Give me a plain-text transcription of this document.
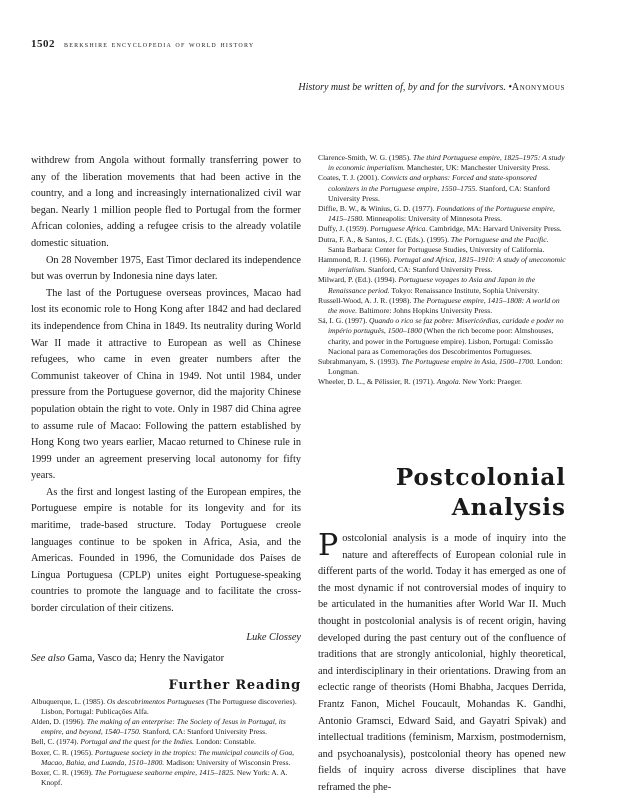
1502 berkshire encyclopedia of world history
History must be written of, by and for the survivors. •Anonymous

withdrew from Angola without formally transferring power to any of the liberation movements that had been active in the country, and a long and increasingly internationalized civil war began. Nearly 1 million people fled to Portugal from the former African colonies, adding a refugee crisis to the already volatile domestic situation.

On 28 November 1975, East Timor declared its independence but was overrun by Indonesia nine days later.

The last of the Portuguese overseas provinces, Macao had lost its economic role to Hong Kong after 1842 and had declared its independence from China in 1849. Its neutrality during World War II made it attractive to European as well as Chinese refugees, who came in even greater numbers after the Communist takeover of China in 1949. Not until 1984, under pressure from the Portuguese governor, did the majority Chinese population obtain the right to vote. Only in 1987 did China agree to assume rule of Macao: Following the pattern established by Hong Kong two years earlier, Macao returned to Chinese rule in 1999 under an agreement preserving local autonomy for fifty years.

As the first and longest lasting of the European empires, the Portuguese empire is notable for its longevity and for its maritime, trade-based structure. Today Portuguese creole languages continue to be spoken in Africa, Asia, and the Americas. Founded in 1996, the Comunidade dos Países de Língua Portuguesa (CPLP) unites eight Portuguese-speaking countries to promote the language and to facilitate the cross-border circulation of their citizens.

Luke Clossey

See also Gama, Vasco da; Henry the Navigator

Further Reading

Albuquerque, L. (1985). Os descobrimentos Portugueses (The Portuguese discoveries). Lisbon, Portugal: Publicações Alfa.

Alden, D. (1996). The making of an enterprise: The Society of Jesus in Portugal, its empire, and beyond, 1540–1750. Stanford, CA: Stanford University Press.

Bell, C. (1974). Portugal and the quest for the Indies. London: Constable.

Boxer, C. R. (1965). Portuguese society in the tropics: The municipal councils of Goa, Macao, Bahia, and Luanda, 1510–1800. Madison: University of Wisconsin Press.

Boxer, C. R. (1969). The Portuguese seaborne empire, 1415–1825. New York: A. A. Knopf.

Clarence-Smith, W. G. (1985). The third Portuguese empire, 1825–1975: A study in economic imperialism. Manchester, UK: Manchester University Press.

Coates, T. J. (2001). Convicts and orphans: Forced and state-sponsored colonizers in the Portuguese empire, 1550–1755. Stanford, CA: Stanford University Press.

Diffie, B. W., & Winius, G. D. (1977). Foundations of the Portuguese empire, 1415–1580. Minneapolis: University of Minnesota Press.

Duffy, J. (1959). Portuguese Africa. Cambridge, MA: Harvard University Press.

Dutra, F. A., & Santos, J. C. (Eds.). (1995). The Portuguese and the Pacific. Santa Barbara: Center for Portuguese Studies, University of California.

Hammond, R. J. (1966). Portugal and Africa, 1815–1910: A study of uneconomic imperialism. Stanford, CA: Stanford University Press.

Milward, P. (Ed.). (1994). Portuguese voyages to Asia and Japan in the Renaissance period. Tokyo: Renaissance Institute, Sophia University.

Russell-Wood, A. J. R. (1998). The Portuguese empire, 1415–1808: A world on the move. Baltimore: Johns Hopkins University Press.

Sá, I. G. (1997). Quando o rico se faz pobre: Misericórdias, caridade e poder no império português, 1500–1800 (When the rich become poor: Almshouses, charity, and power in the Portuguese empire). Lisbon, Portugal: Comissão Nacional para as Comemorações dos Descobrimentos Portugueses.

Subrahmanyam, S. (1993). The Portuguese empire in Asia, 1500–1700. London: Longman.

Wheeler, D. L., & Pélissier, R. (1971). Angola. New York: Praeger.

Postcolonial

Analysis

Postcolonial analysis is a mode of inquiry into the nature and aftereffects of European colonial rule in different parts of the world. Today it has emerged as one of the most dynamic if not controversial modes of inquiry to be articulated in the humanities after World War II. Much thought in postcolonial analysis is of recent origin, having developed during the past century out of the confluence of traditions that are strongly anticolonial, highly theoretical, and interdisciplinary in their orientations. Drawing from an eclectic range of theorists (Homi Bhabha, Jacques Derrida, Frantz Fanon, Michel Foucault, Mohandas K. Gandhi, Antonio Gramsci, Edward Said, and Gayatri Spivak) and intellectual traditions (feminism, Marxism, postmodernism, and psychoanalysis), postcolonial theory has opened new fields of inquiry across diverse disciplines that have reframed the phe-
